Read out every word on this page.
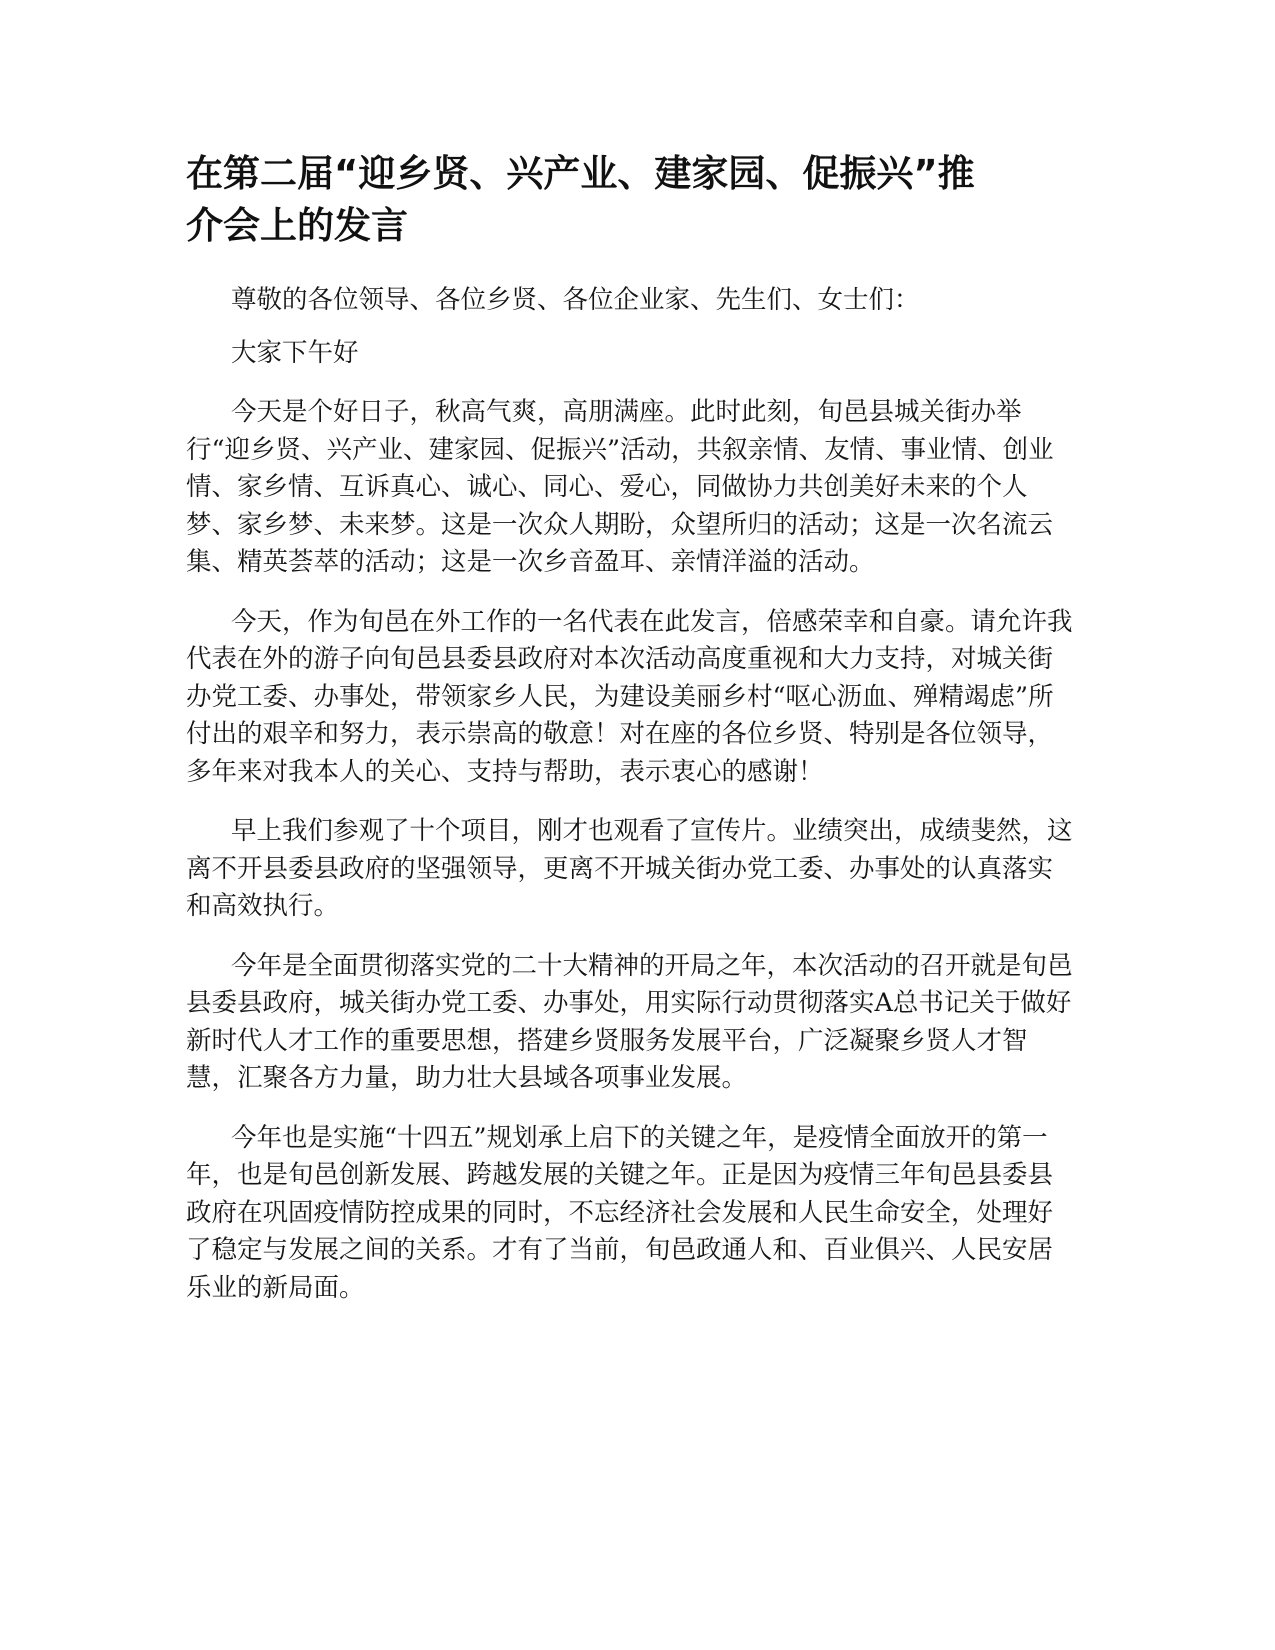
在第二届“迎乡贤、兴产业、建家园、促振兴”推介会上的发言

尊敬的各位领导、各位乡贤、各位企业家、先生们、女士们：

大家下午好

今天是个好日子，秋高气爽，高朋满座。此时此刻，旬邑县城关街办举行“迎乡贤、兴产业、建家园、促振兴”活动，共叙亲情、友情、事业情、创业情、家乡情、互诉真心、诚心、同心、爱心，同做协力共创美好未来的个人梦、家乡梦、未来梦。这是一次众人期盼，众望所归的活动；这是一次名流云集、精英荟萃的活动；这是一次乡音盈耳、亲情洋溢的活动。

今天，作为旬邑在外工作的一名代表在此发言，倍感荣幸和自豪。请允许我代表在外的游子向旬邑县委县政府对本次活动高度重视和大力支持，对城关街办党工委、办事处，带领家乡人民，为建设美丽乡村“呕心沥血、殚精竭虑”所付出的艰辛和努力，表示崇高的敬意！对在座的各位乡贤、特别是各位领导，多年来对我本人的关心、支持与帮助，表示衷心的感谢！

早上我们参观了十个项目，刚才也观看了宣传片。业绩突出，成绩斐然，这离不开县委县政府的坚强领导，更离不开城关街办党工委、办事处的认真落实和高效执行。

今年是全面贯彻落实党的二十大精神的开局之年，本次活动的召开就是旬邑县委县政府，城关街办党工委、办事处，用实际行动贯彻落实A总书记关于做好新时代人才工作的重要思想，搭建乡贤服务发展平台，广泛凝聚乡贤人才智慧，汇聚各方力量，助力壮大县域各项事业发展。

今年也是实施“十四五”规划承上启下的关键之年，是疫情全面放开的第一年，也是旬邑创新发展、跨越发展的关键之年。正是因为疫情三年旬邑县委县政府在巩固疫情防控成果的同时，不忘经济社会发展和人民生命安全，处理好了稳定与发展之间的关系。才有了当前，旬邑政通人和、百业俱兴、人民安居乐业的新局面。
